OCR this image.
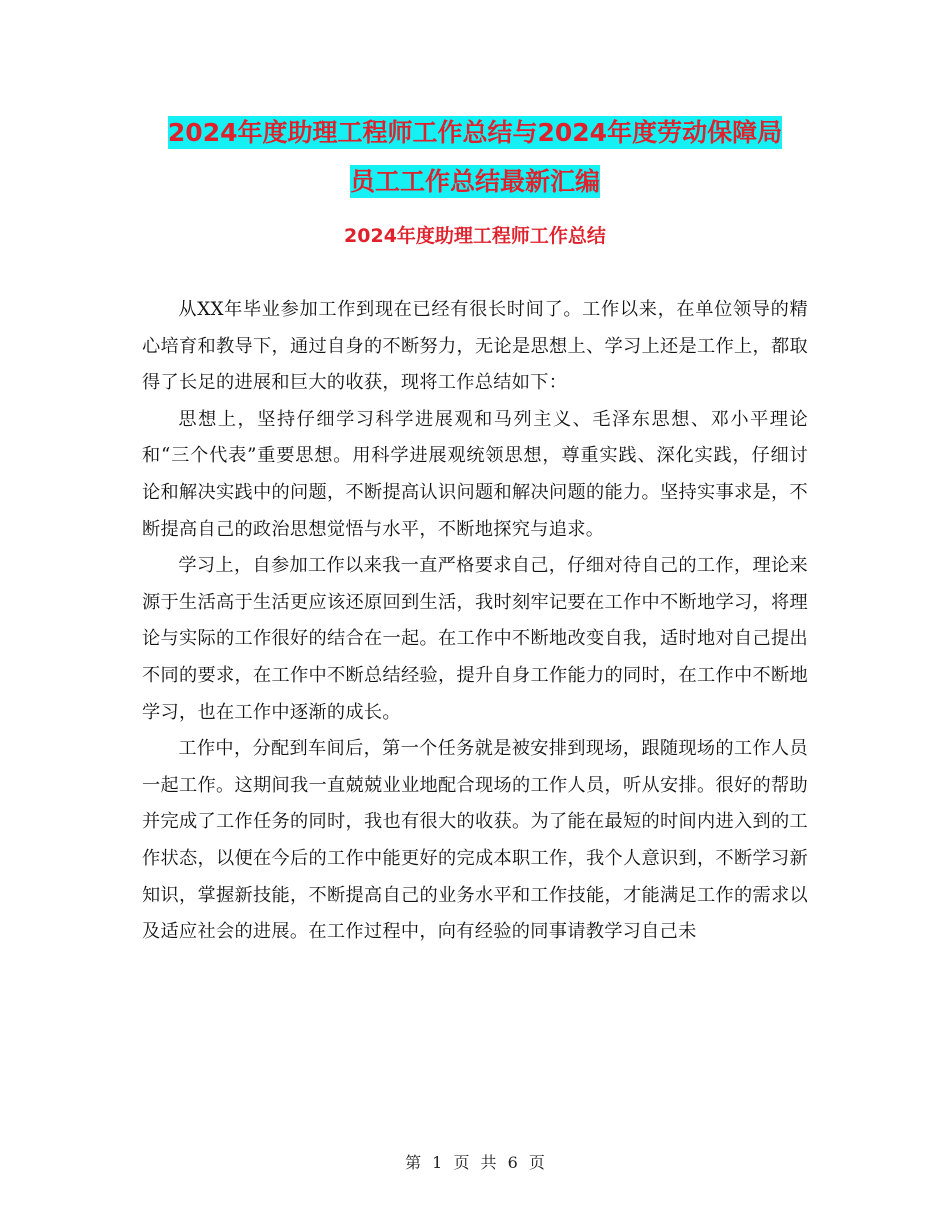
2024年度助理工程师工作总结与2024年度劳动保障局
员工工作总结最新汇编
2024年度助理工程师工作总结

从XX年毕业参加工作到现在已经有很长时间了。工作以来，在单位领导的精心培育和教导下，通过自身的不断努力，无论是思想上、学习上还是工作上，都取得了长足的进展和巨大的收获，现将工作总结如下：

思想上，坚持仔细学习科学进展观和马列主义、毛泽东思想、邓小平理论和“三个代表”重要思想。用科学进展观统领思想，尊重实践、深化实践，仔细讨论和解决实践中的问题，不断提高认识问题和解决问题的能力。坚持实事求是，不断提高自己的政治思想觉悟与水平，不断地探究与追求。

学习上，自参加工作以来我一直严格要求自己，仔细对待自己的工作，理论来源于生活高于生活更应该还原回到生活，我时刻牢记要在工作中不断地学习，将理论与实际的工作很好的结合在一起。在工作中不断地改变自我，适时地对自己提出不同的要求，在工作中不断总结经验，提升自身工作能力的同时，在工作中不断地学习，也在工作中逐渐的成长。

工作中，分配到车间后，第一个任务就是被安排到现场，跟随现场的工作人员一起工作。这期间我一直兢兢业业地配合现场的工作人员，听从安排。很好的帮助并完成了工作任务的同时，我也有很大的收获。为了能在最短的时间内进入到的工作状态，以便在今后的工作中能更好的完成本职工作，我个人意识到，不断学习新知识，掌握新技能，不断提高自己的业务水平和工作技能，才能满足工作的需求以及适应社会的进展。在工作过程中，向有经验的同事请教学习自己未

第 1 页 共 6 页
